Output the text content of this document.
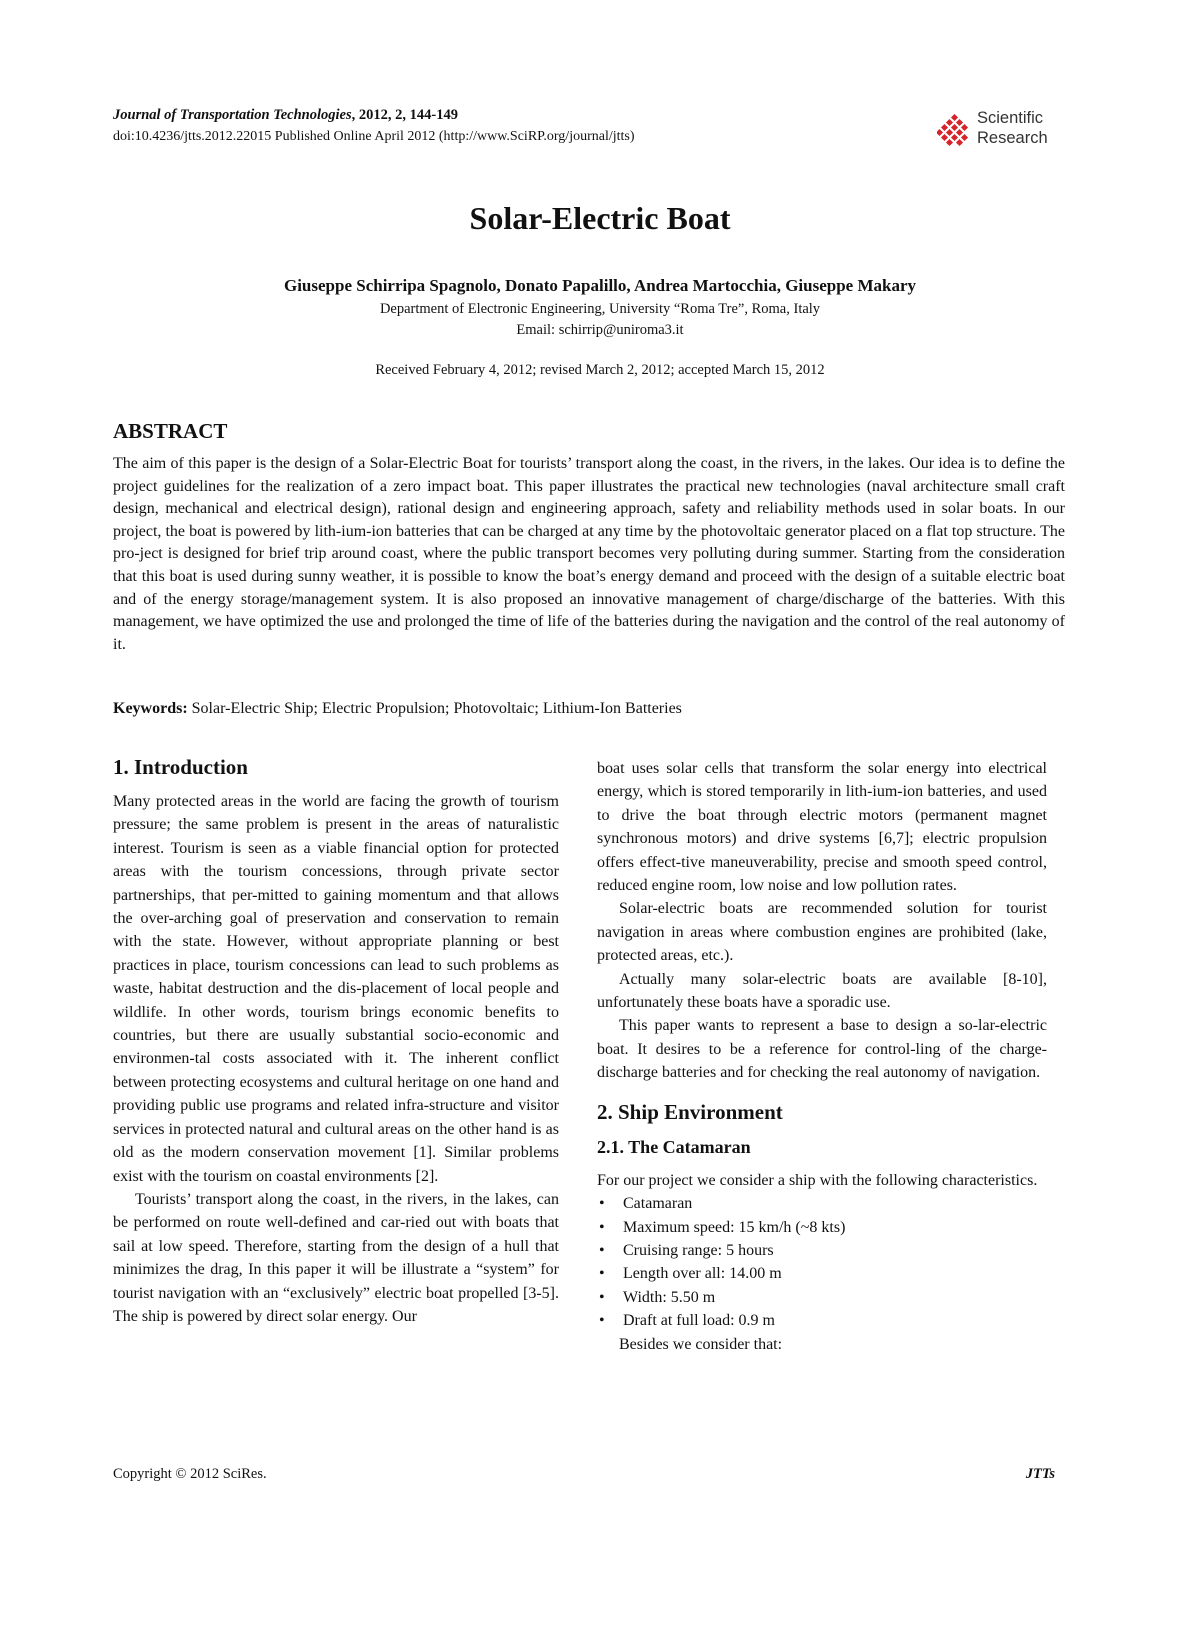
Journal of Transportation Technologies, 2012, 2, 144-149
doi:10.4236/jtts.2012.22015 Published Online April 2012 (http://www.SciRP.org/journal/jtts)
Scientific
Research
Solar-Electric Boat
Giuseppe Schirripa Spagnolo, Donato Papalillo, Andrea Martocchia, Giuseppe Makary
Department of Electronic Engineering, University “Roma Tre”, Roma, Italy
Email: schirrip@uniroma3.it
Received February 4, 2012; revised March 2, 2012; accepted March 15, 2012
ABSTRACT

The aim of this paper is the design of a Solar-Electric Boat for tourists’ transport along the coast, in the rivers, in the lakes. Our idea is to define the project guidelines for the realization of a zero impact boat. This paper illustrates the practical new technologies (naval architecture small craft design, mechanical and electrical design), rational design and engineering approach, safety and reliability methods used in solar boats. In our project, the boat is powered by lith-ium-ion batteries that can be charged at any time by the photovoltaic generator placed on a flat top structure. The pro-ject is designed for brief trip around coast, where the public transport becomes very polluting during summer. Starting from the consideration that this boat is used during sunny weather, it is possible to know the boat’s energy demand and proceed with the design of a suitable electric boat and of the energy storage/management system. It is also proposed an innovative management of charge/discharge of the batteries. With this management, we have optimized the use and prolonged the time of life of the batteries during the navigation and the control of the real autonomy of it.

Keywords: Solar-Electric Ship; Electric Propulsion; Photovoltaic; Lithium-Ion Batteries
1. Introduction

Many protected areas in the world are facing the growth of tourism pressure; the same problem is present in the areas of naturalistic interest. Tourism is seen as a viable financial option for protected areas with the tourism concessions, through private sector partnerships, that per-mitted to gaining momentum and that allows the over-arching goal of preservation and conservation to remain with the state. However, without appropriate planning or best practices in place, tourism concessions can lead to such problems as waste, habitat destruction and the dis-placement of local people and wildlife. In other words, tourism brings economic benefits to countries, but there are usually substantial socio-economic and environmen-tal costs associated with it. The inherent conflict between protecting ecosystems and cultural heritage on one hand and providing public use programs and related infra-structure and visitor services in protected natural and cultural areas on the other hand is as old as the modern conservation movement [1]. Similar problems exist with the tourism on coastal environments [2].

Tourists’ transport along the coast, in the rivers, in the lakes, can be performed on route well-defined and car-ried out with boats that sail at low speed. Therefore, starting from the design of a hull that minimizes the drag, In this paper it will be illustrate a “system” for tourist navigation with an “exclusively” electric boat propelled [3-5]. The ship is powered by direct solar energy. Our

boat uses solar cells that transform the solar energy into electrical energy, which is stored temporarily in lith-ium-ion batteries, and used to drive the boat through electric motors (permanent magnet synchronous motors) and drive systems [6,7]; electric propulsion offers effect-tive maneuverability, precise and smooth speed control, reduced engine room, low noise and low pollution rates.

Solar-electric boats are recommended solution for tourist navigation in areas where combustion engines are prohibited (lake, protected areas, etc.).

Actually many solar-electric boats are available [8-10], unfortunately these boats have a sporadic use.

This paper wants to represent a base to design a so-lar-electric boat. It desires to be a reference for control-ling of the charge-discharge batteries and for checking the real autonomy of navigation.

2. Ship Environment
2.1. The Catamaran

For our project we consider a ship with the following characteristics.

• Catamaran
• Maximum speed: 15 km/h (~8 kts)
• Cruising range: 5 hours
• Length over all: 14.00 m
• Width: 5.50 m
• Draft at full load: 0.9 m

Besides we consider that:

Copyright © 2012 SciRes.	JTTs
